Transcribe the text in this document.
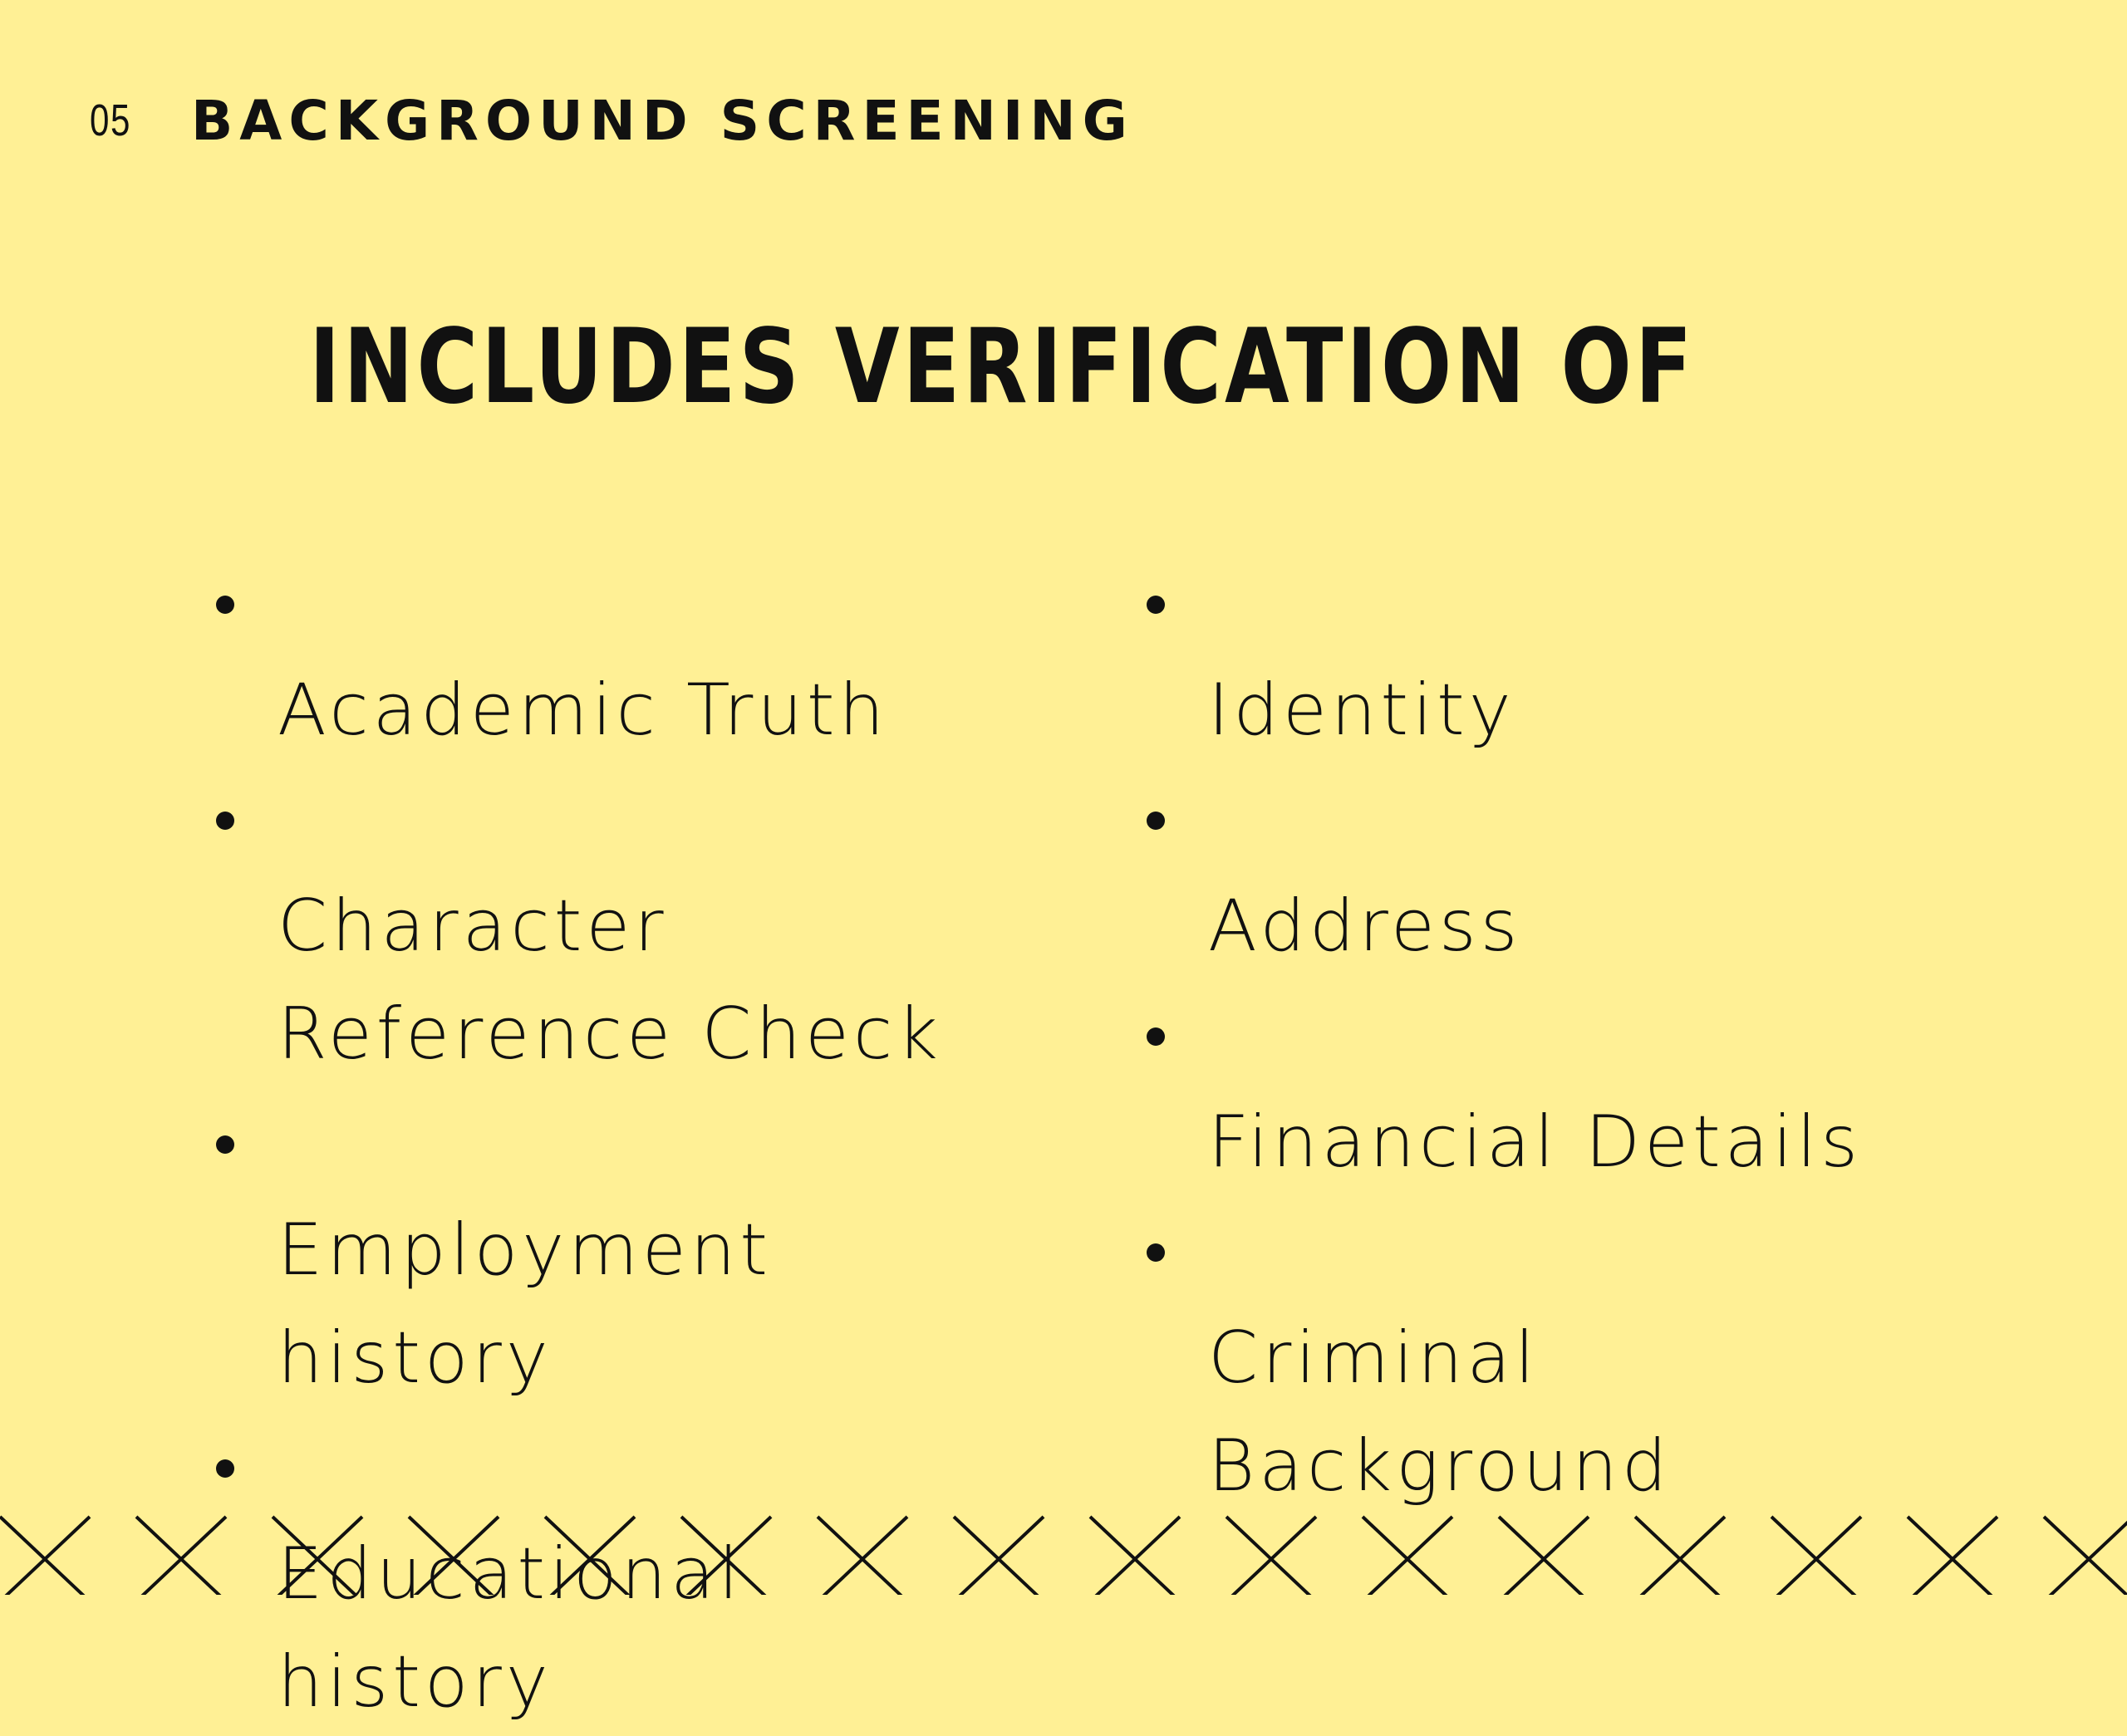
05	BACKGROUND SCREENING
INCLUDES VERIFICATION OF

Academic Truth

Character
Reference Check

Employment
history

Educational
history

Identity

Address

Financial Details

Criminal
Background
